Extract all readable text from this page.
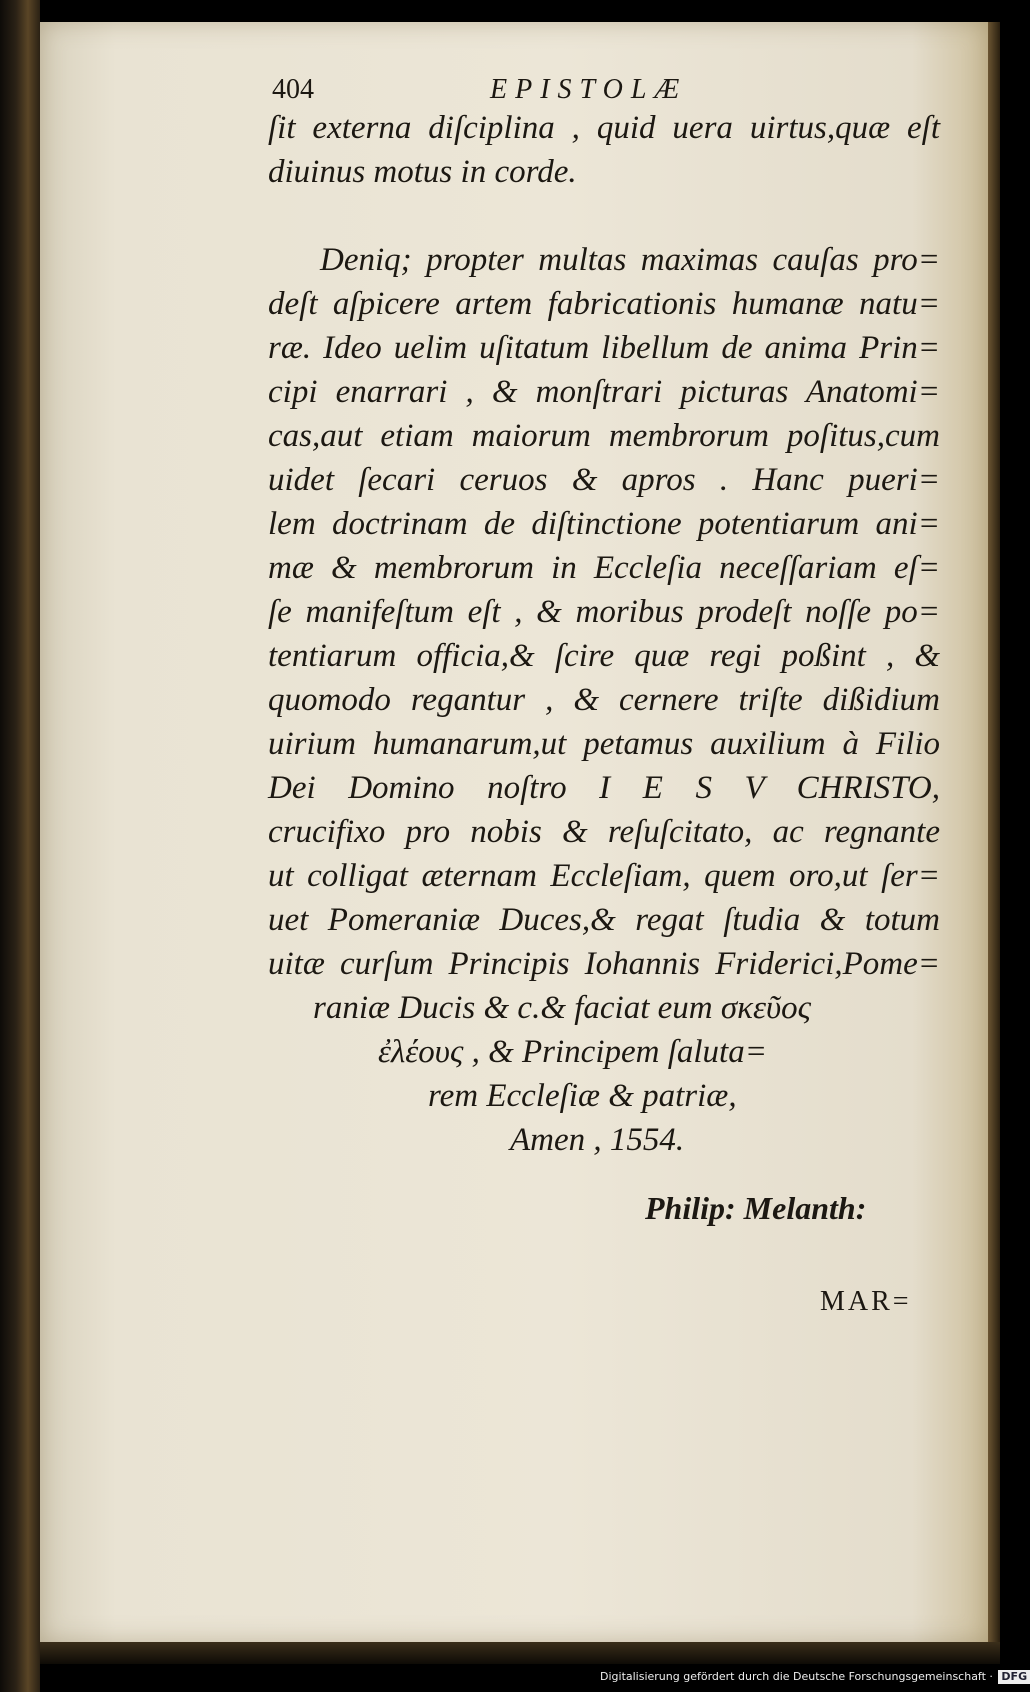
404	EPISTOLÆ
ſit externa diſciplina , quid uera uirtus,quæ eſt
diuinus motus in corde.
Deniq; propter multas maximas cauſas pro=
deſt aſpicere artem fabricationis humanæ natu=
ræ. Ideo uelim uſitatum libellum de anima Prin=
cipi enarrari , & monſtrari picturas Anatomi=
cas,aut etiam maiorum membrorum poſitus,cum
uidet ſecari ceruos & apros . Hanc pueri=
lem doctrinam de diſtinctione potentiarum ani=
mæ & membrorum in Eccleſia neceſſariam eſ=
ſe manifeſtum eſt , & moribus prodeſt noſſe po=
tentiarum officia,& ſcire quæ regi poßint , &
quomodo regantur , & cernere triſte dißidium
uirium humanarum,ut petamus auxilium à Filio
Dei Domino noſtro I E S V CHRISTO,
crucifixo pro nobis & reſuſcitato, ac regnante
ut colligat æternam Eccleſiam, quem oro,ut ſer=
uet Pomeraniæ Duces,& regat ſtudia & totum
uitæ curſum Principis Iohannis Friderici,Pome=
raniæ Ducis & c.& faciat eum σκεῦος
ἐλέους , & Principem ſaluta=
rem Eccleſiæ & patriæ,
Amen , 1554.
Philip: Melanth:
MAR=
Digitalisierung gefördert durch die Deutsche Forschungsgemeinschaft · DFG
